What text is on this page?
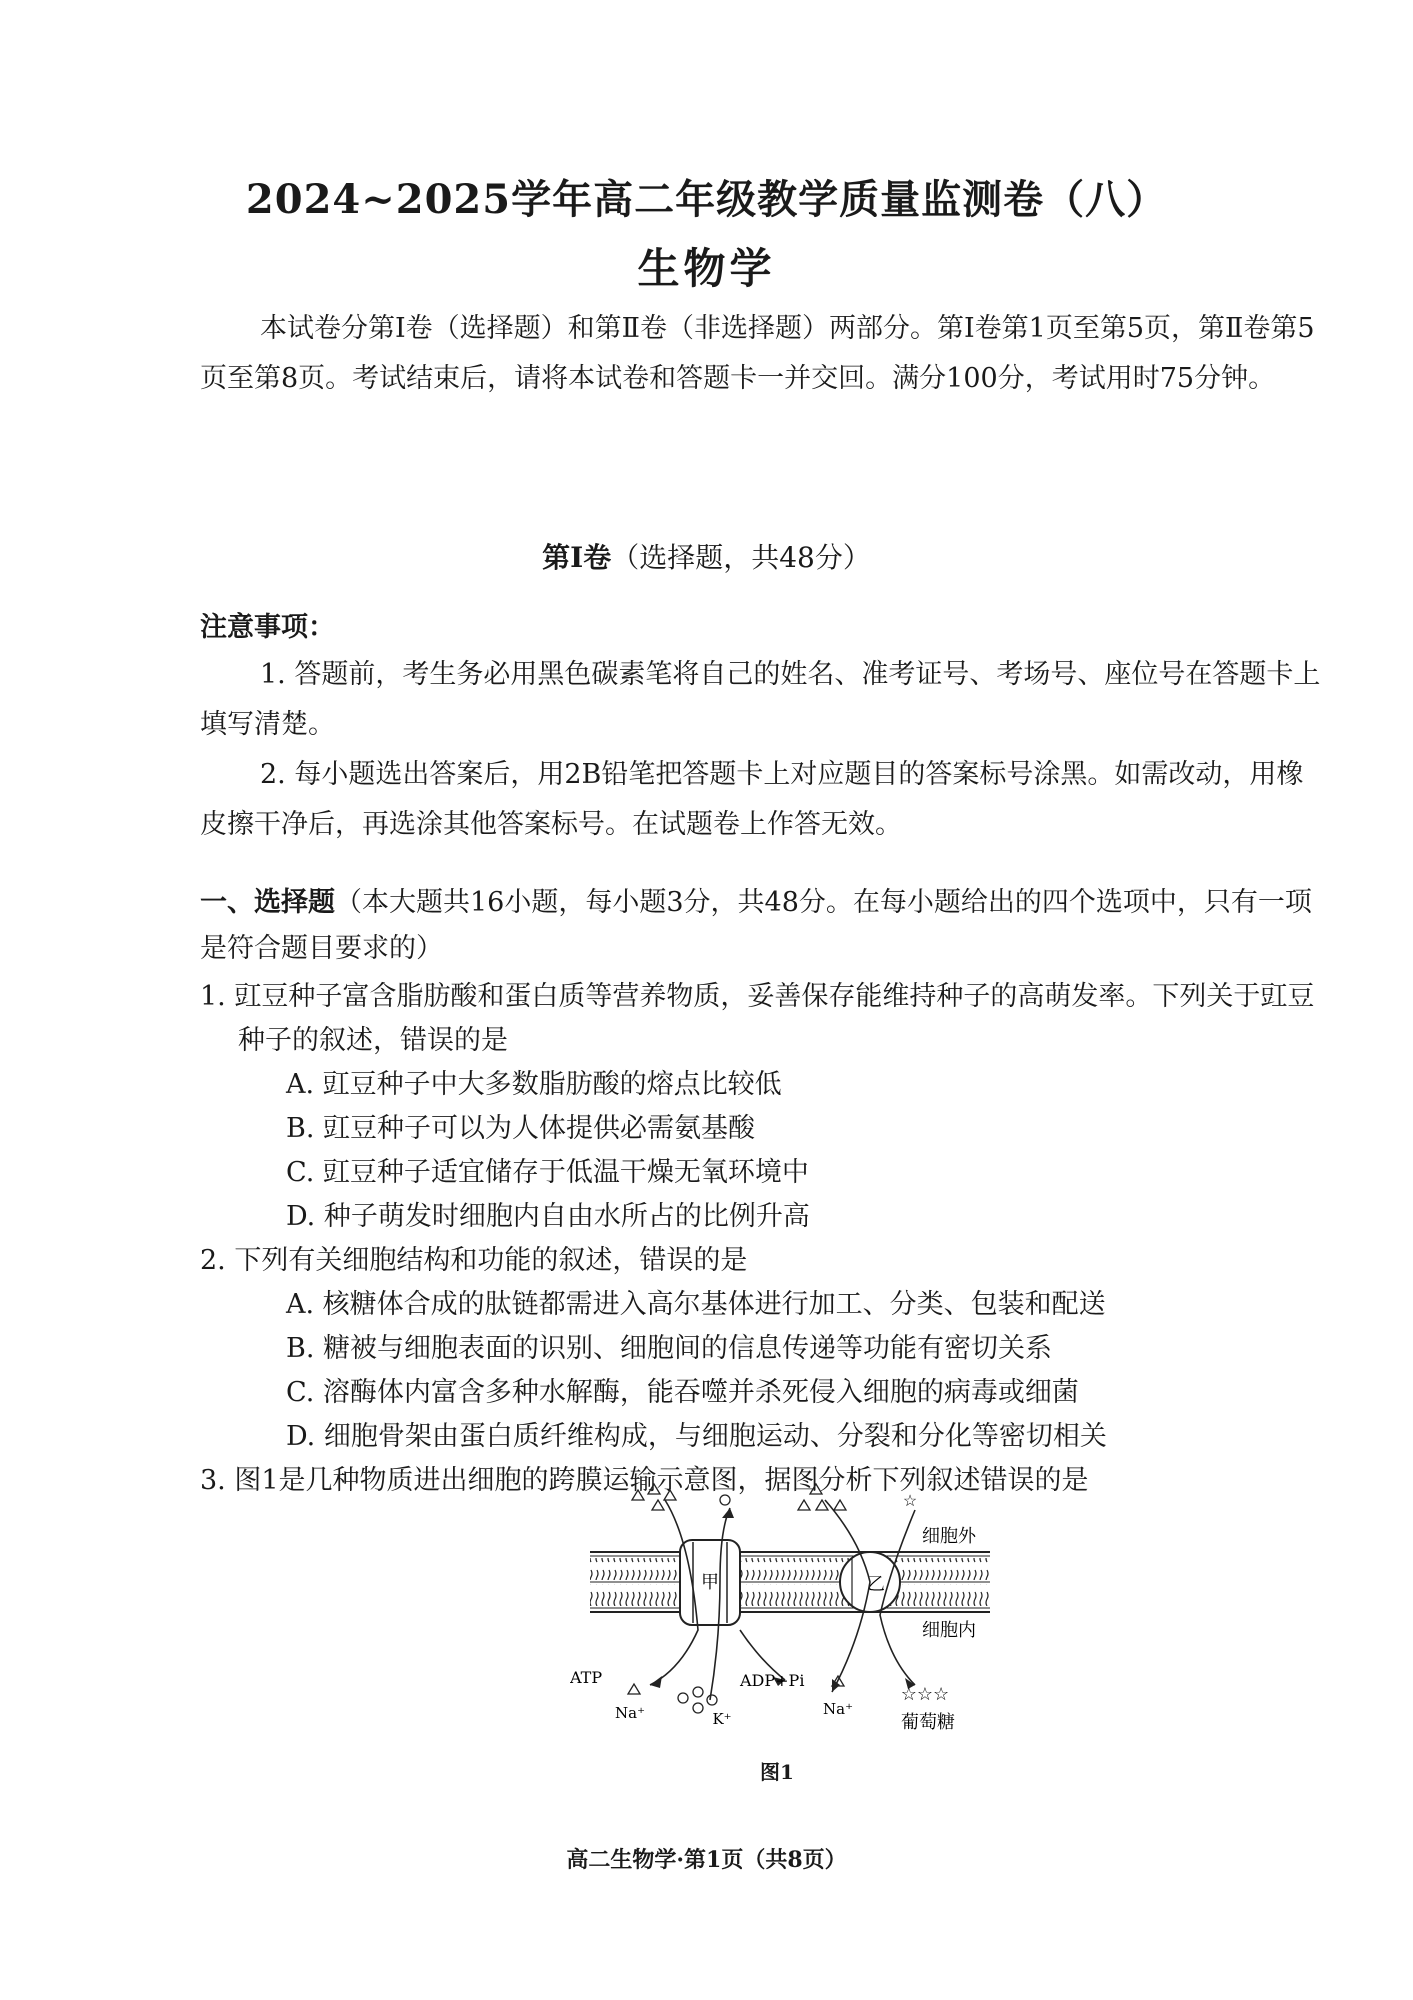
2024~2025学年高二年级教学质量监测卷（八）
生物学

本试卷分第Ⅰ卷（选择题）和第Ⅱ卷（非选择题）两部分。第Ⅰ卷第1页至第5页，第Ⅱ卷第5页至第8页。考试结束后，请将本试卷和答题卡一并交回。满分100分，考试用时75分钟。

第Ⅰ卷（选择题，共48分）
注意事项：

1. 答题前，考生务必用黑色碳素笔将自己的姓名、准考证号、考场号、座位号在答题卡上填写清楚。

2. 每小题选出答案后，用2B铅笔把答题卡上对应题目的答案标号涂黑。如需改动，用橡皮擦干净后，再选涂其他答案标号。在试题卷上作答无效。

一、选择题（本大题共16小题，每小题3分，共48分。在每小题给出的四个选项中，只有一项是符合题目要求的）

1. 豇豆种子富含脂肪酸和蛋白质等营养物质，妥善保存能维持种子的高萌发率。下列关于豇豆种子的叙述，错误的是

A. 豇豆种子中大多数脂肪酸的熔点比较低

B. 豇豆种子可以为人体提供必需氨基酸

C. 豇豆种子适宜储存于低温干燥无氧环境中

D. 种子萌发时细胞内自由水所占的比例升高

2. 下列有关细胞结构和功能的叙述，错误的是

A. 核糖体合成的肽链都需进入高尔基体进行加工、分类、包装和配送

B. 糖被与细胞表面的识别、细胞间的信息传递等功能有密切关系

C. 溶酶体内富含多种水解酶，能吞噬并杀死侵入细胞的病毒或细菌

D. 细胞骨架由蛋白质纤维构成，与细胞运动、分裂和分化等密切相关

3. 图1是几种物质进出细胞的跨膜运输示意图，据图分析下列叙述错误的是

甲	乙
☆
细胞外
细胞内
ATP	ADP+Pi
Na⁺	K⁺
Na⁺
☆☆☆
葡萄糖
图1
高二生物学·第1页（共8页）
